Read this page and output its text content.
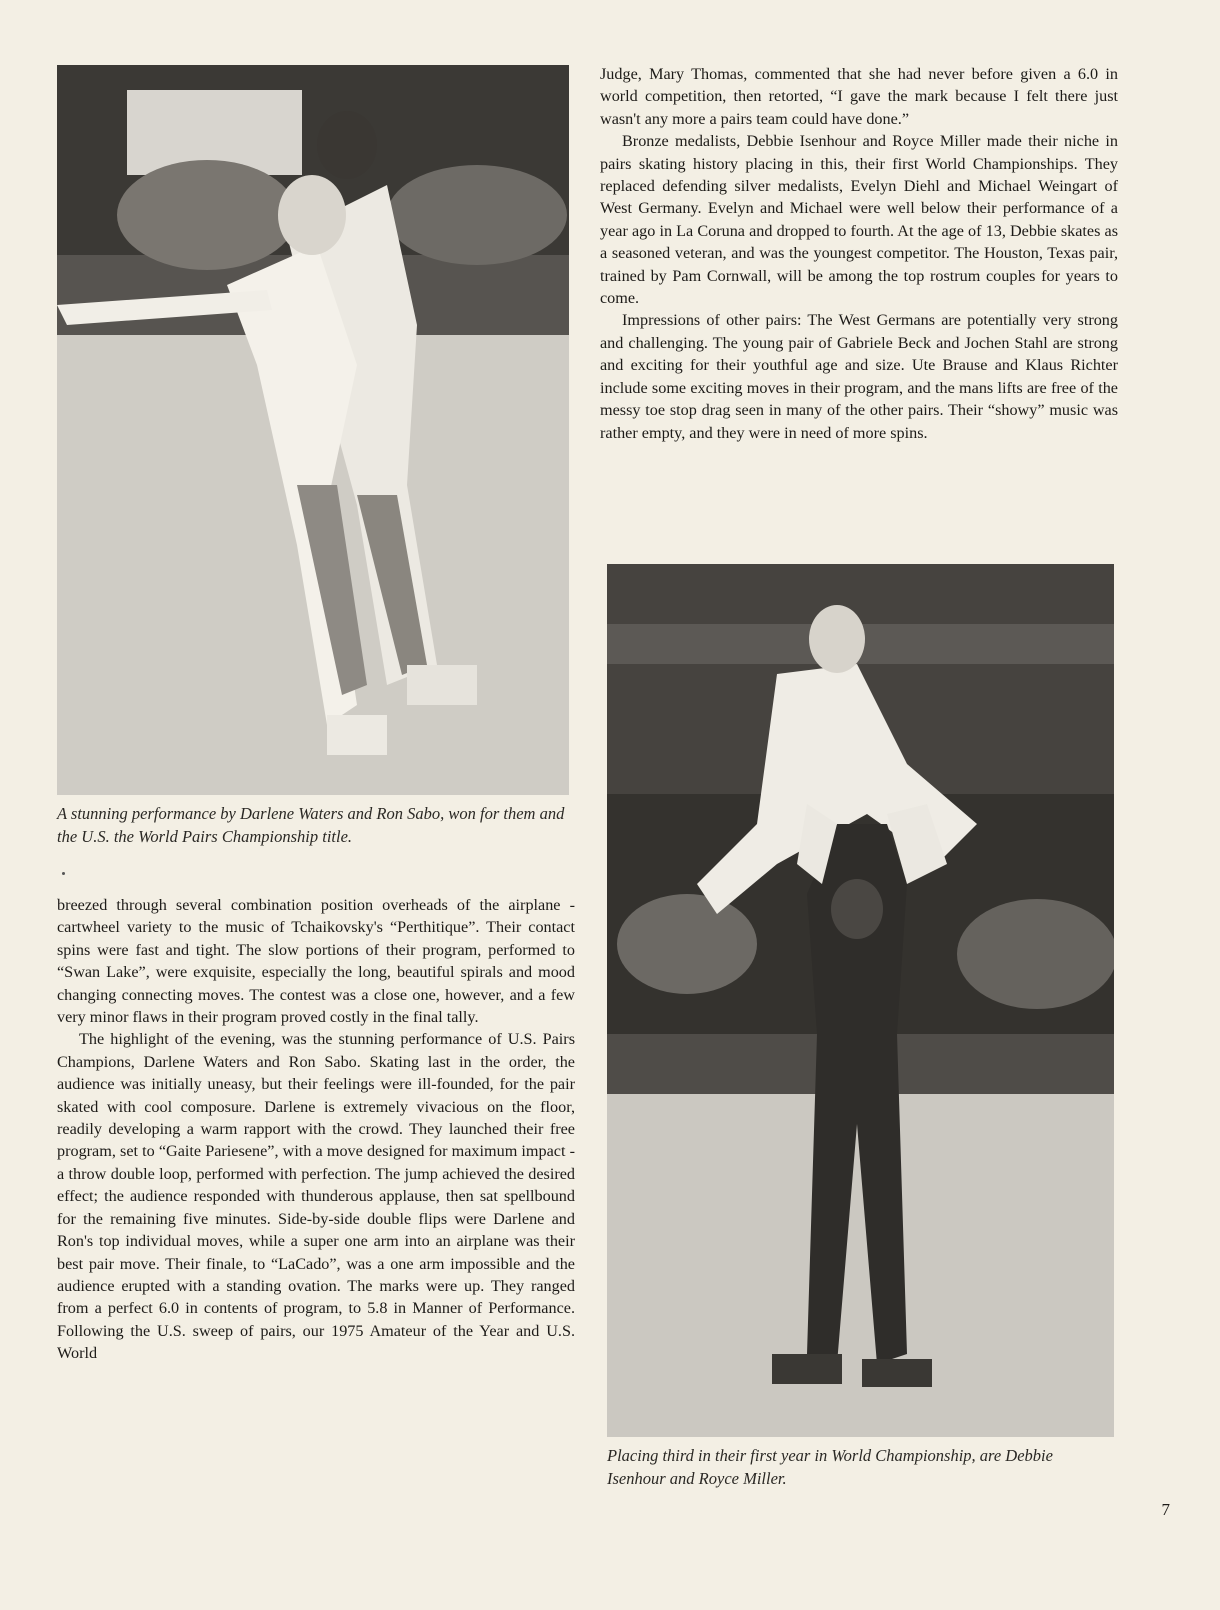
A stunning performance by Darlene Waters and Ron Sabo, won for them and the U.S. the World Pairs Championship title.

breezed through several combination position overheads of the airplane - cartwheel variety to the music of Tchaikovsky's “Perthitique”. Their contact spins were fast and tight. The slow portions of their program, performed to “Swan Lake”, were exquisite, especially the long, beautiful spirals and mood changing connecting moves. The contest was a close one, however, and a few very minor flaws in their program proved costly in the final tally.

The highlight of the evening, was the stunning performance of U.S. Pairs Champions, Darlene Waters and Ron Sabo. Skating last in the order, the audience was initially uneasy, but their feelings were ill-founded, for the pair skated with cool composure. Darlene is extremely vivacious on the floor, readily developing a warm rapport with the crowd. They launched their free program, set to “Gaite Pariesene”, with a move designed for maximum impact - a throw double loop, performed with perfection. The jump achieved the desired effect; the audience responded with thunderous applause, then sat spellbound for the remaining five minutes. Side-by-side double flips were Darlene and Ron's top individual moves, while a super one arm into an airplane was their best pair move. Their finale, to “LaCado”, was a one arm impossible and the audience erupted with a standing ovation. The marks were up. They ranged from a perfect 6.0 in contents of program, to 5.8 in Manner of Performance. Following the U.S. sweep of pairs, our 1975 Amateur of the Year and U.S. World

Judge, Mary Thomas, commented that she had never before given a 6.0 in world competition, then retorted, “I gave the mark because I felt there just wasn't any more a pairs team could have done.”

Bronze medalists, Debbie Isenhour and Royce Miller made their niche in pairs skating history placing in this, their first World Championships. They replaced defending silver medalists, Evelyn Diehl and Michael Weingart of West Germany. Evelyn and Michael were well below their performance of a year ago in La Coruna and dropped to fourth. At the age of 13, Debbie skates as a seasoned veteran, and was the youngest competitor. The Houston, Texas pair, trained by Pam Cornwall, will be among the top rostrum couples for years to come.

Impressions of other pairs: The West Germans are potentially very strong and challenging. The young pair of Gabriele Beck and Jochen Stahl are strong and exciting for their youthful age and size. Ute Brause and Klaus Richter include some exciting moves in their program, and the mans lifts are free of the messy toe stop drag seen in many of the other pairs. Their “showy” music was rather empty, and they were in need of more spins.

Placing third in their first year in World Championship, are Debbie Isenhour and Royce Miller.

7
